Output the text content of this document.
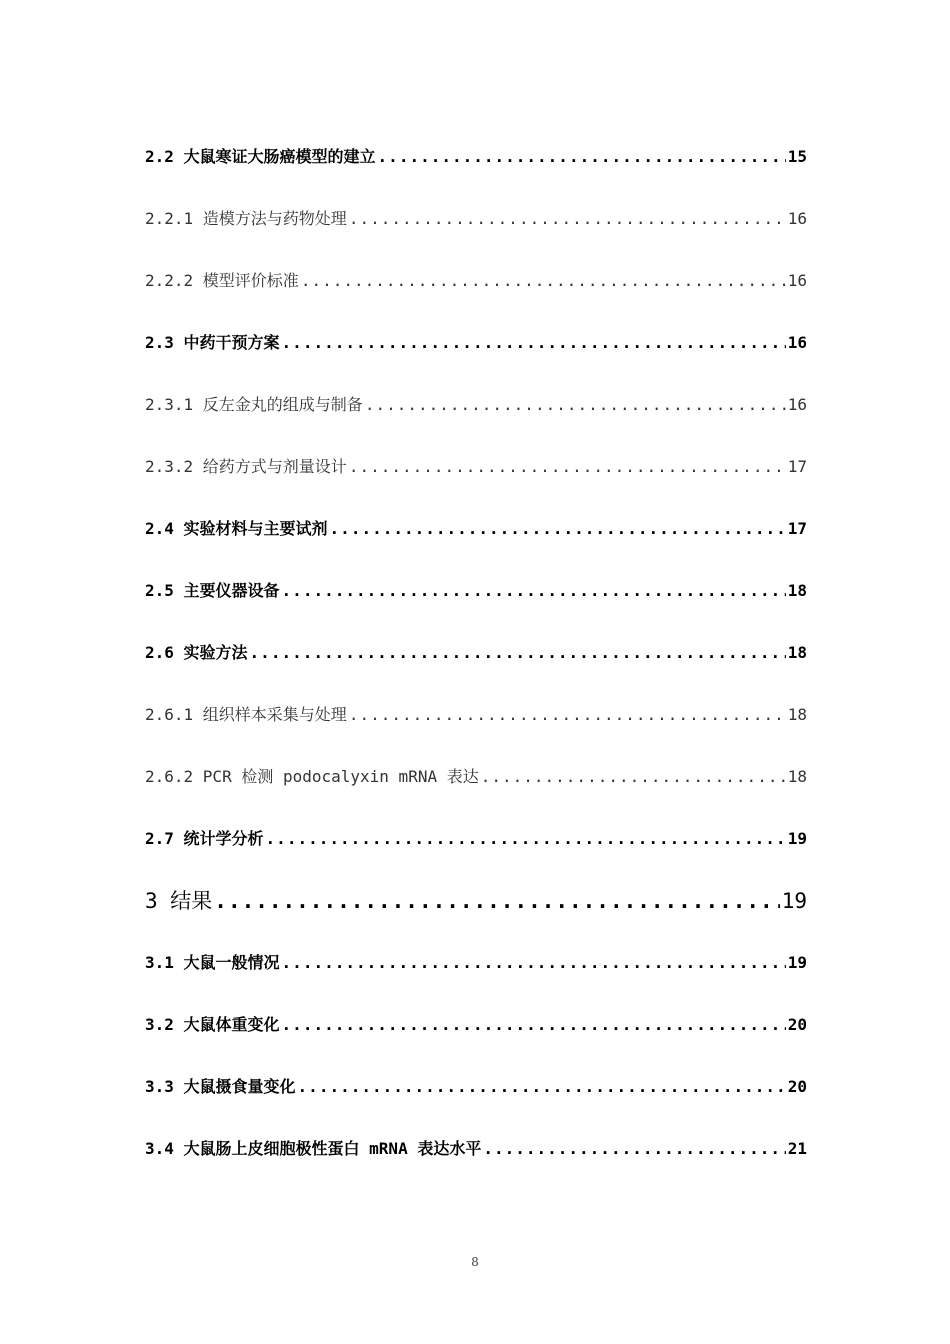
2.2 大鼠寒证大肠癌模型的建立 .....	15
2.2.1 造模方法与药物处理 .....	16
2.2.2 模型评价标准 .....	16
2.3 中药干预方案 .....	16
2.3.1 反左金丸的组成与制备 .....	16
2.3.2 给药方式与剂量设计 .....	17
2.4 实验材料与主要试剂 .....	17
2.5 主要仪器设备 .....	18
2.6 实验方法 .....	18
2.6.1 组织样本采集与处理 .....	18
2.6.2 PCR 检测 podocalyxin mRNA 表达 .....	18
2.7 统计学分析 .....	19
3 结果 .....	19
3.1 大鼠一般情况 .....	19
3.2 大鼠体重变化 .....	20
3.3 大鼠摄食量变化 .....	20
3.4 大鼠肠上皮细胞极性蛋白 mRNA 表达水平 .....	21
8
